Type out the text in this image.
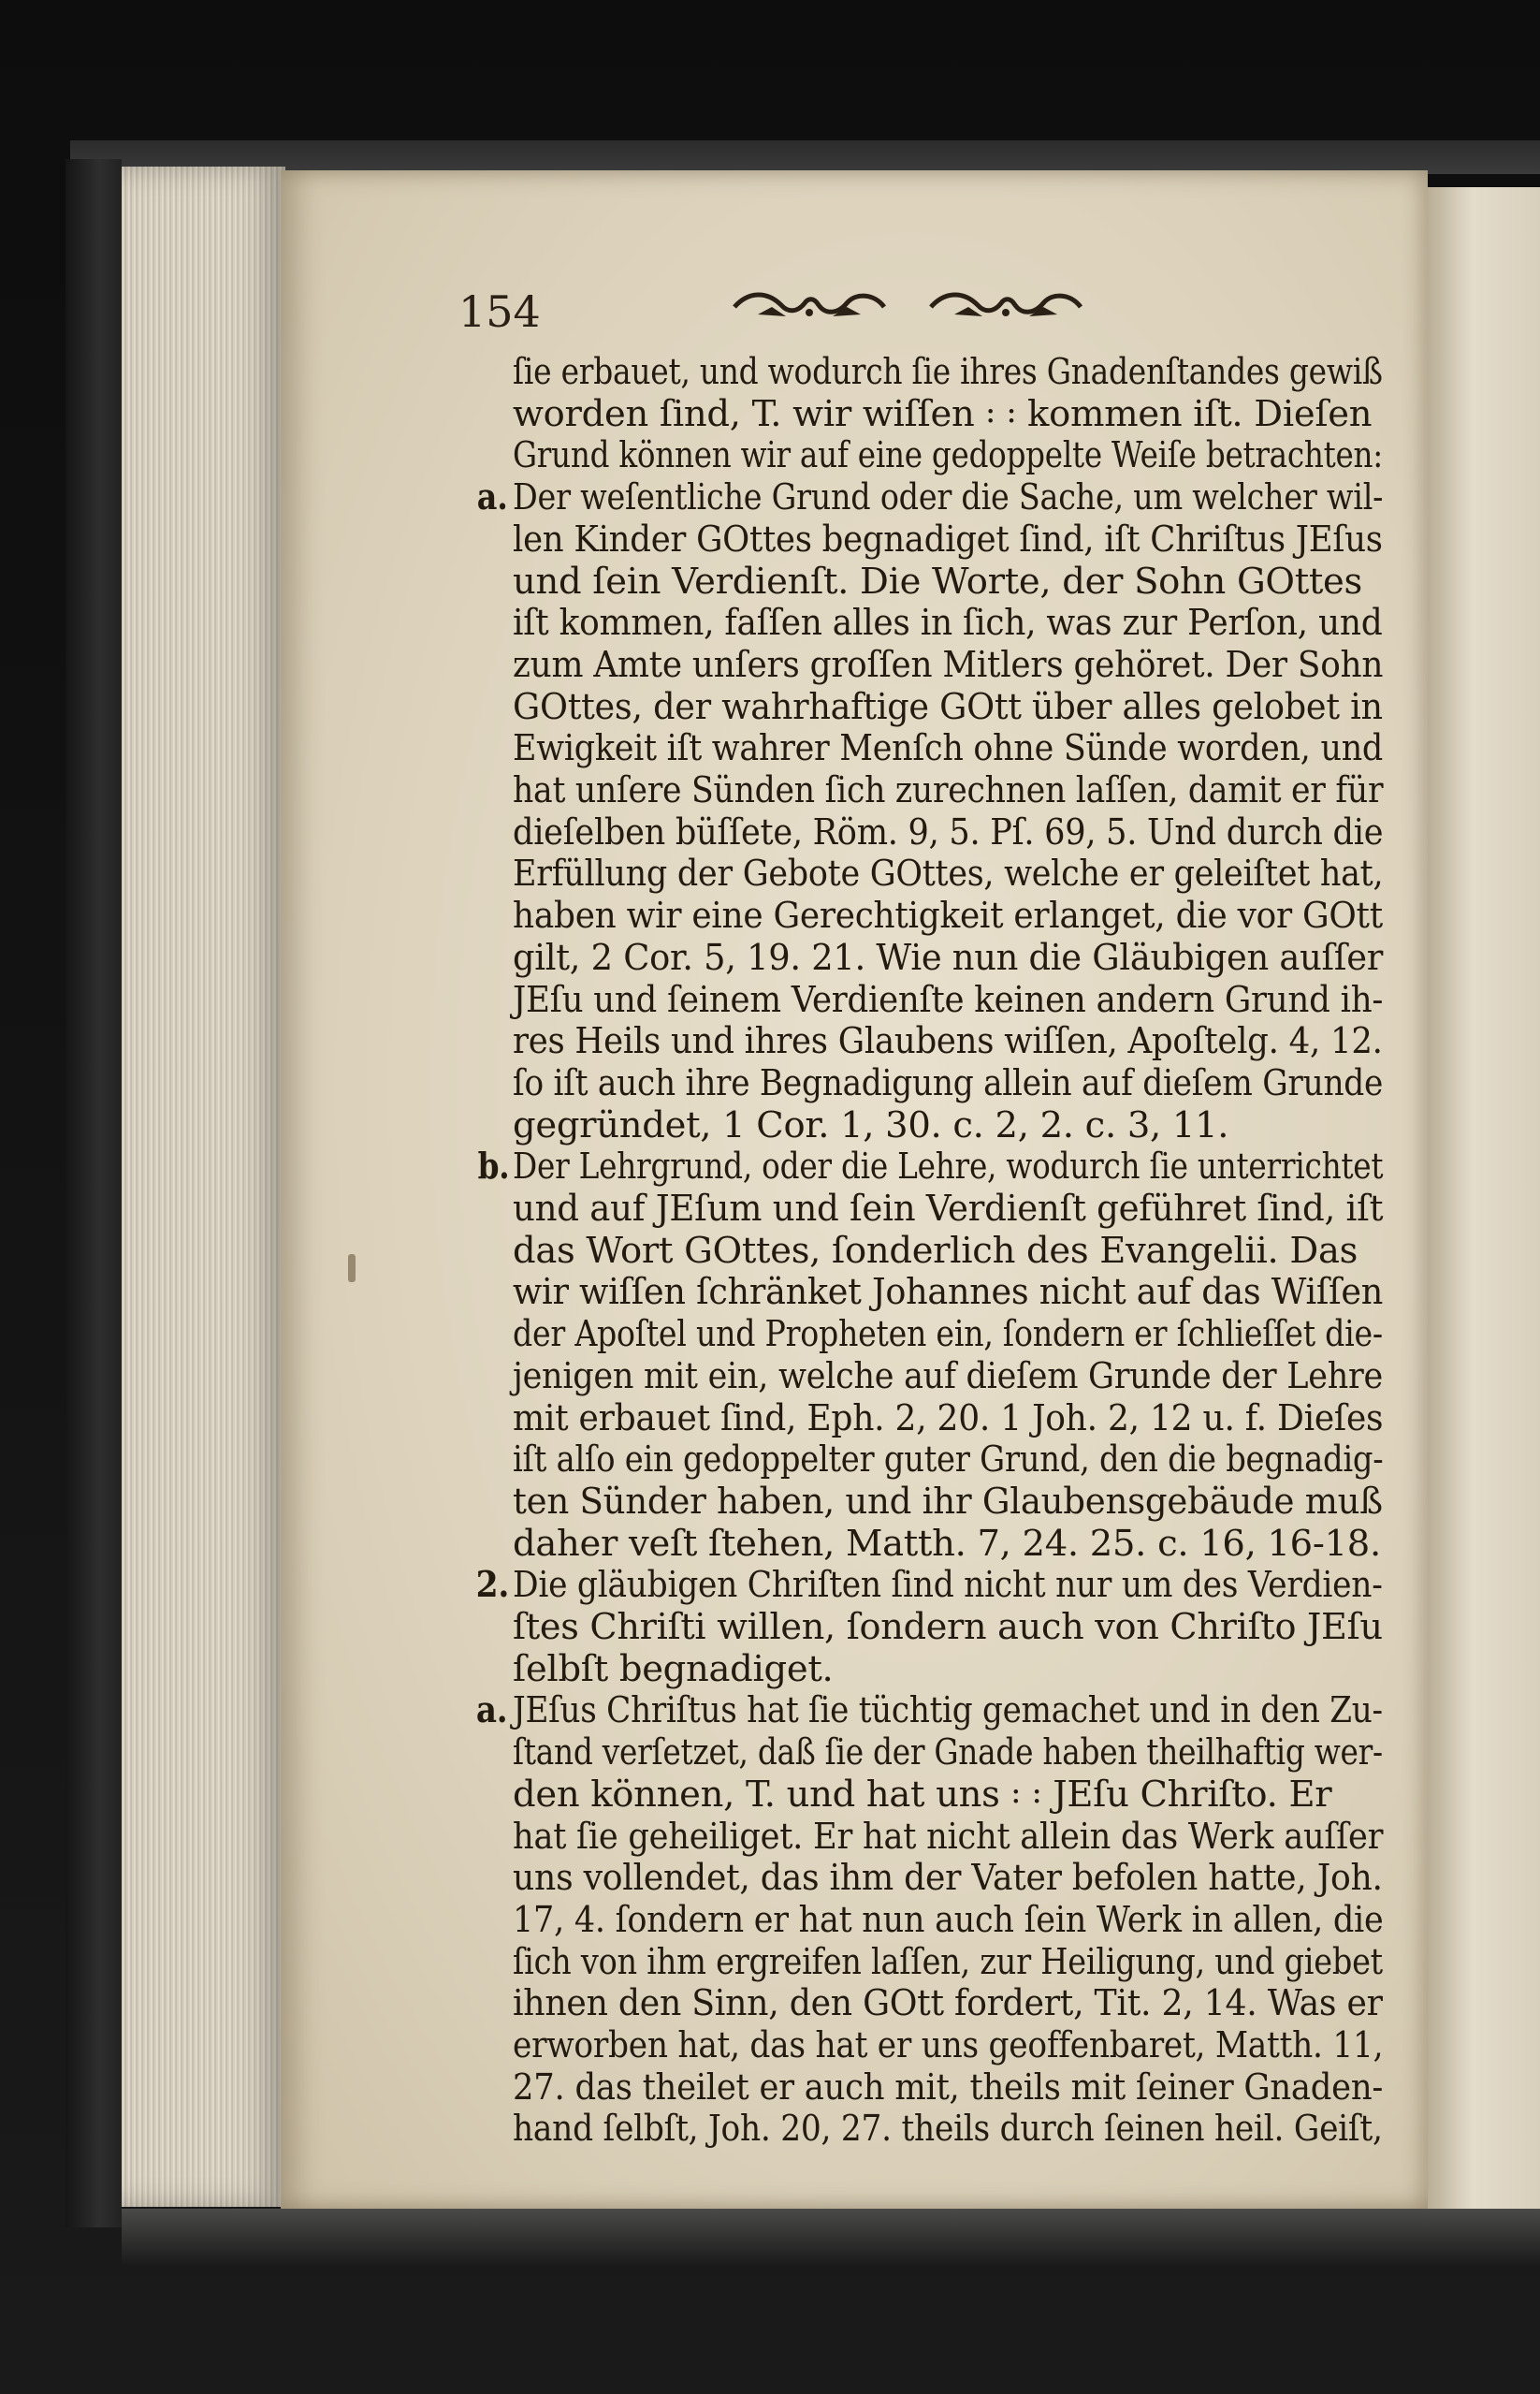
154
ſie erbauet, und wodurch ſie ihres Gnadenſtandes gewiß
worden ſind, T. wir wiſſen ꞉ ꞉ kommen iſt. Dieſen
Grund können wir auf eine gedoppelte Weiſe betrachten:
a. Der weſentliche Grund oder die Sache, um welcher wil-
len Kinder GOttes begnadiget ſind, iſt Chriſtus JEſus
und ſein Verdienſt. Die Worte, der Sohn GOttes
iſt kommen, faſſen alles in ſich, was zur Perſon, und
zum Amte unſers groſſen Mitlers gehöret. Der Sohn
GOttes, der wahrhaftige GOtt über alles gelobet in
Ewigkeit iſt wahrer Menſch ohne Sünde worden, und
hat unſere Sünden ſich zurechnen laſſen, damit er für
dieſelben büſſete, Röm. 9, 5. Pſ. 69, 5. Und durch die
Erfüllung der Gebote GOttes, welche er geleiſtet hat,
haben wir eine Gerechtigkeit erlanget, die vor GOtt
gilt, 2 Cor. 5, 19. 21. Wie nun die Gläubigen auſſer
JEſu und ſeinem Verdienſte keinen andern Grund ih-
res Heils und ihres Glaubens wiſſen, Apoſtelg. 4, 12.
ſo iſt auch ihre Begnadigung allein auf dieſem Grunde
gegründet, 1 Cor. 1, 30. c. 2, 2. c. 3, 11.
b. Der Lehrgrund, oder die Lehre, wodurch ſie unterrichtet
und auf JEſum und ſein Verdienſt geführet ſind, iſt
das Wort GOttes, ſonderlich des Evangelii. Das
wir wiſſen ſchränket Johannes nicht auf das Wiſſen
der Apoſtel und Propheten ein, ſondern er ſchlieſſet die-
jenigen mit ein, welche auf dieſem Grunde der Lehre
mit erbauet ſind, Eph. 2, 20. 1 Joh. 2, 12 u. f. Dieſes
iſt alſo ein gedoppelter guter Grund, den die begnadig-
ten Sünder haben, und ihr Glaubensgebäude muß
daher veſt ſtehen, Matth. 7, 24. 25. c. 16, 16-18.
2. Die gläubigen Chriſten ſind nicht nur um des Verdien-
ſtes Chriſti willen, ſondern auch von Chriſto JEſu
ſelbſt begnadiget.
a. JEſus Chriſtus hat ſie tüchtig gemachet und in den Zu-
ſtand verſetzet, daß ſie der Gnade haben theilhaftig wer-
den können, T. und hat uns ꞉ ꞉ JEſu Chriſto. Er
hat ſie geheiliget. Er hat nicht allein das Werk auſſer
uns vollendet, das ihm der Vater befolen hatte, Joh.
17, 4. ſondern er hat nun auch ſein Werk in allen, die
ſich von ihm ergreifen laſſen, zur Heiligung, und giebet
ihnen den Sinn, den GOtt fordert, Tit. 2, 14. Was er
erworben hat, das hat er uns geoffenbaret, Matth. 11,
27. das theilet er auch mit, theils mit ſeiner Gnaden-
hand ſelbſt, Joh. 20, 27. theils durch ſeinen heil. Geiſt,
